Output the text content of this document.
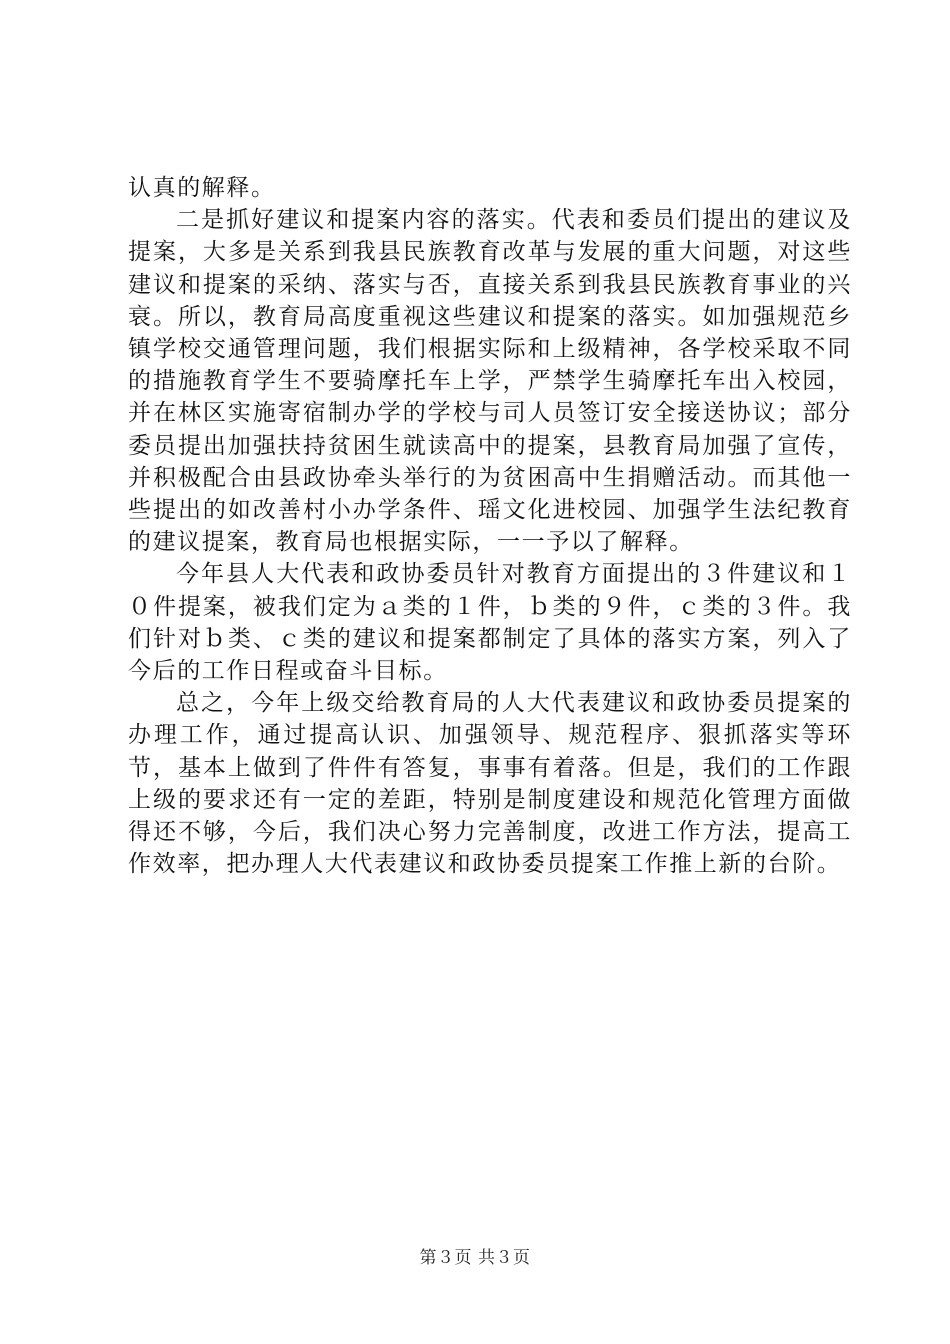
认真的解释。

二是抓好建议和提案内容的落实。代表和委员们提出的建议及提案，大多是关系到我县民族教育改革与发展的重大问题，对这些建议和提案的采纳、落实与否，直接关系到我县民族教育事业的兴衰。所以，教育局高度重视这些建议和提案的落实。如加强规范乡镇学校交通管理问题，我们根据实际和上级精神，各学校采取不同的措施教育学生不要骑摩托车上学，严禁学生骑摩托车出入校园，并在林区实施寄宿制办学的学校与司人员签订安全接送协议；部分委员提出加强扶持贫困生就读高中的提案，县教育局加强了宣传，并积极配合由县政协牵头举行的为贫困高中生捐赠活动。而其他一些提出的如改善村小办学条件、瑶文化进校园、加强学生法纪教育的建议提案，教育局也根据实际，一一予以了解释。

今年县人大代表和政协委员针对教育方面提出的３件建议和１０件提案，被我们定为ａ类的１件，ｂ类的９件，ｃ类的３件。我们针对ｂ类、ｃ类的建议和提案都制定了具体的落实方案，列入了今后的工作日程或奋斗目标。

总之，今年上级交给教育局的人大代表建议和政协委员提案的办理工作，通过提高认识、加强领导、规范程序、狠抓落实等环节，基本上做到了件件有答复，事事有着落。但是，我们的工作跟上级的要求还有一定的差距，特别是制度建设和规范化管理方面做得还不够，今后，我们决心努力完善制度，改进工作方法，提高工作效率，把办理人大代表建议和政协委员提案工作推上新的台阶。

第３页 共３页
